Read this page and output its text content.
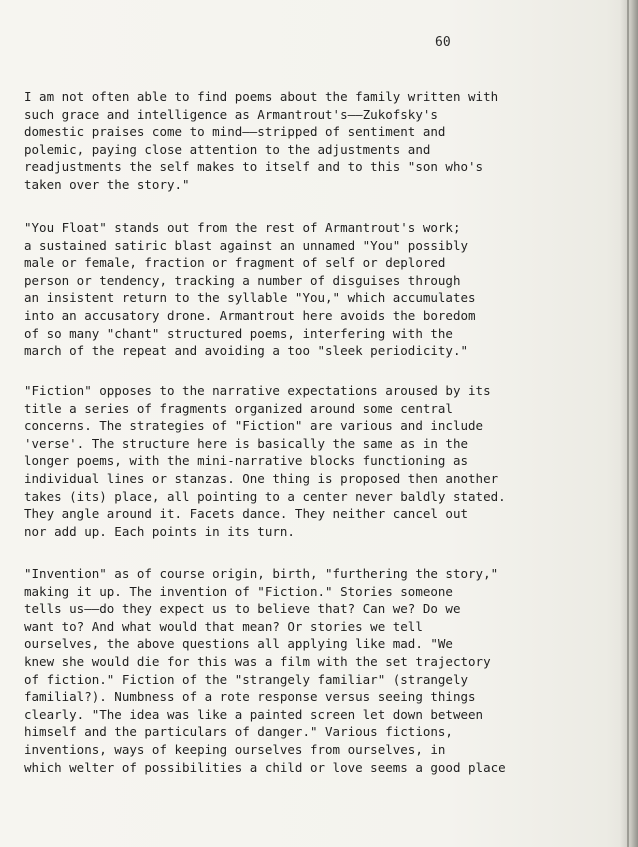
60

I am not often able to find poems about the family written with
such grace and intelligence as Armantrout's——Zukofsky's
domestic praises come to mind——stripped of sentiment and
polemic, paying close attention to the adjustments and
readjustments the self makes to itself and to this "son who's
taken over the story."

"You Float" stands out from the rest of Armantrout's work;
a sustained satiric blast against an unnamed "You" possibly
male or female, fraction or fragment of self or deplored
person or tendency, tracking a number of disguises through
an insistent return to the syllable "You," which accumulates
into an accusatory drone. Armantrout here avoids the boredom
of so many "chant" structured poems, interfering with the
march of the repeat and avoiding a too "sleek periodicity."

"Fiction" opposes to the narrative expectations aroused by its
title a series of fragments organized around some central
concerns. The strategies of "Fiction" are various and include
'verse'. The structure here is basically the same as in the
longer poems, with the mini-narrative blocks functioning as
individual lines or stanzas. One thing is proposed then another
takes (its) place, all pointing to a center never baldly stated.
They angle around it. Facets dance. They neither cancel out
nor add up. Each points in its turn.

"Invention" as of course origin, birth, "furthering the story,"
making it up. The invention of "Fiction." Stories someone
tells us——do they expect us to believe that? Can we? Do we
want to? And what would that mean? Or stories we tell
ourselves, the above questions all applying like mad. "We
knew she would die for this was a film with the set trajectory
of fiction." Fiction of the "strangely familiar" (strangely
familial?). Numbness of a rote response versus seeing things
clearly. "The idea was like a painted screen let down between
himself and the particulars of danger." Various fictions,
inventions, ways of keeping ourselves from ourselves, in
which welter of possibilities a child or love seems a good place
